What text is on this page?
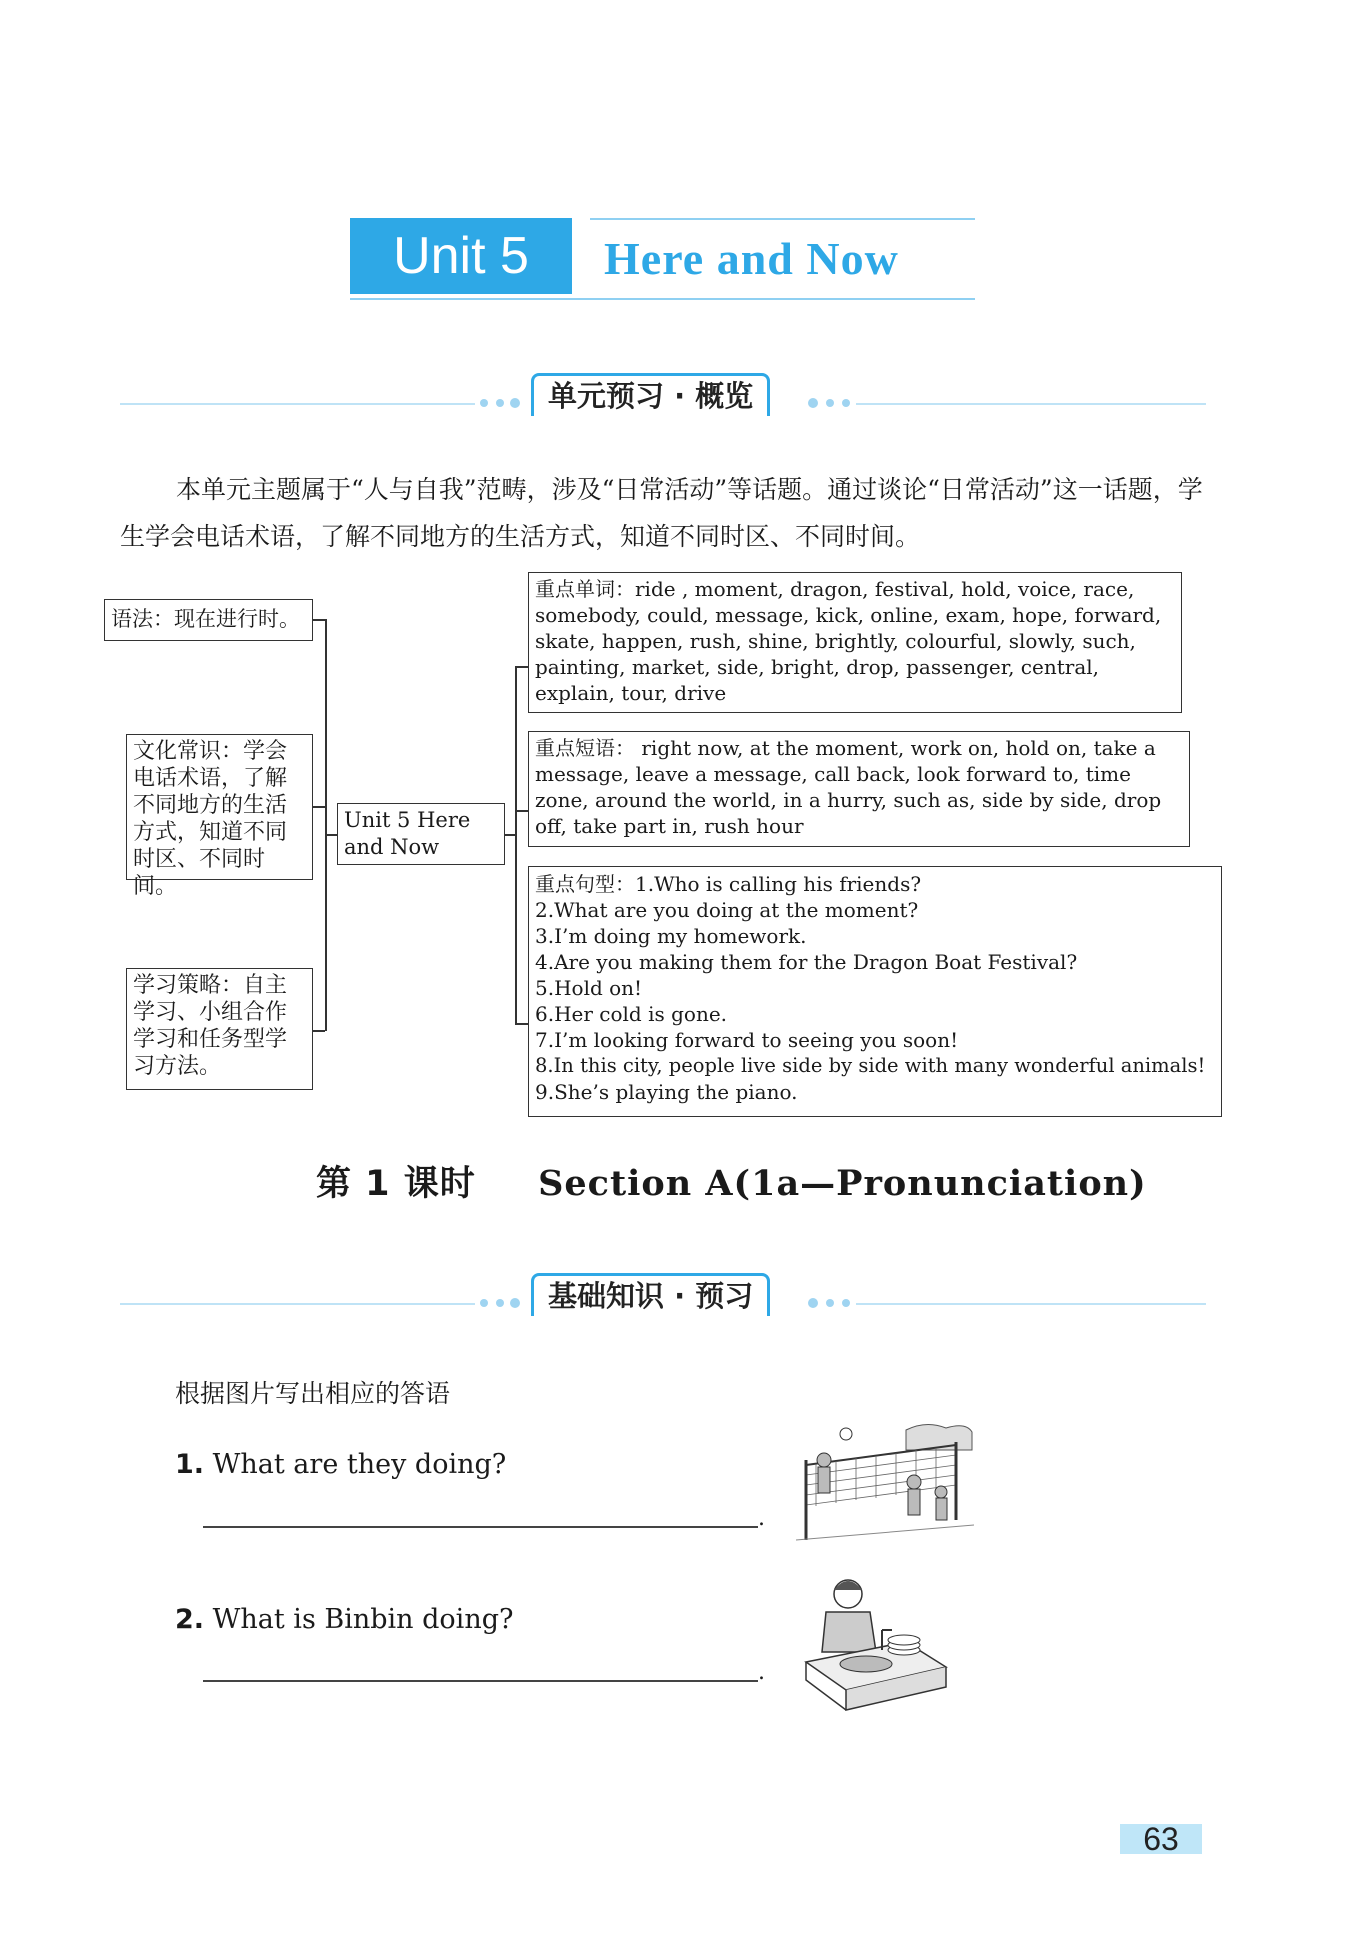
Unit 5	Here and Now
单元预习 · 概览

本单元主题属于“人与自我”范畴，涉及“日常活动”等话题。通过谈论“日常活动”这一话题，学生学会电话术语，了解不同地方的生活方式，知道不同时区、不同时间。

语法：现在进行时。
文化常识：学会电话术语，了解不同地方的生活方式，知道不同时区、不同时间。
学习策略：自主学习、小组合作学习和任务型学习方法。
Unit 5 Here and Now
重点单词：ride , moment, dragon, festival, hold, voice, race, somebody, could, message, kick, online, exam, hope, forward, skate, happen, rush, shine, brightly, colourful, slowly, such, painting, market, side, bright, drop, passenger, central, explain, tour, drive
重点短语： right now, at the moment, work on, hold on, take a message, leave a message, call back, look forward to, time zone, around the world, in a hurry, such as, side by side, drop off, take part in, rush hour
重点句型：1.Who is calling his friends?
2.What are you doing at the moment?
3.I’m doing my homework.
4.Are you making them for the Dragon Boat Festival?
5.Hold on!
6.Her cold is gone.
7.I’m looking forward to seeing you soon!
8.In this city, people live side by side with many wonderful animals!
9.She’s playing the piano.
第 1 课时 Section A(1a—Pronunciation)
基础知识 · 预习
根据图片写出相应的答语
1. What are they doing?
.
2. What is Binbin doing?
.
63
